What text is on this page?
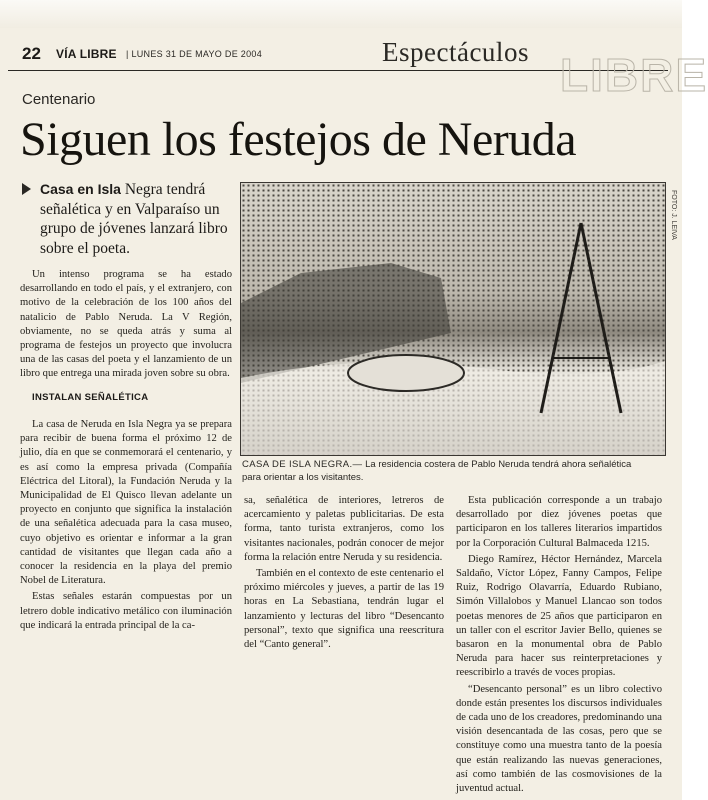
22 VÍA LIBRE | LUNES 31 DE MAYO DE 2004	Espectáculos LIBRE
Centenario
Siguen los festejos de Neruda
Casa en Isla Negra tendrá señalética y en Valparaíso un grupo de jóvenes lanzará libro sobre el poeta.

Un intenso programa se ha estado desarrollando en todo el país, y el extranjero, con motivo de la celebración de los 100 años del natalicio de Pablo Neruda. La V Región, obviamente, no se queda atrás y suma al programa de festejos un proyecto que involucra una de las casas del poeta y el lanzamiento de un libro que entrega una mirada joven sobre su obra.

INSTALAN SEÑALÉTICA

La casa de Neruda en Isla Negra ya se prepara para recibir de buena forma el próximo 12 de julio, día en que se conmemorará el centenario, y es así como la empresa privada (Compañía Eléctrica del Litoral), la Fundación Neruda y la Municipalidad de El Quisco llevan adelante un proyecto en conjunto que significa la instalación de una señalética adecuada para la casa museo, cuyo objetivo es orientar e informar a la gran cantidad de visitantes que llegan cada año a conocer la residencia en la playa del premio Nobel de Literatura.

Estas señales estarán compuestas por un letrero doble indicativo metálico con iluminación que indicará la entrada principal de la ca-

FOTO: J. LEIVA
CASA DE ISLA NEGRA.— La residencia costera de Pablo Neruda tendrá ahora señalética para orientar a los visitantes.

sa, señalética de interiores, letreros de acercamiento y paletas publicitarias. De esta forma, tanto turista extranjeros, como los visitantes nacionales, podrán conocer de mejor forma la relación entre Neruda y su residencia.

También en el contexto de este centenario el próximo miércoles y jueves, a partir de las 19 horas en La Sebastiana, tendrán lugar el lanzamiento y lecturas del libro “Desencanto personal”, texto que significa una reescritura del “Canto general”.

Esta publicación corresponde a un trabajo desarrollado por diez jóvenes poetas que participaron en los talleres literarios impartidos por la Corporación Cultural Balmaceda 1215.

Diego Ramírez, Héctor Hernández, Marcela Saldaño, Víctor López, Fanny Campos, Felipe Ruiz, Rodrigo Olavarría, Eduardo Rubiano, Simón Villalobos y Manuel Llancao son todos poetas menores de 25 años que participaron en un taller con el escritor Javier Bello, quienes se basaron en la monumental obra de Pablo Neruda para hacer sus reinterpretaciones y reescribirlo a través de voces propias.

“Desencanto personal” es un libro colectivo donde están presentes los discursos individuales de cada uno de los creadores, predominando una visión desencantada de las cosas, pero que se constituye como una muestra tanto de la poesía que están realizando las nuevas generaciones, así como también de las cosmovisiones de la juventud actual.
